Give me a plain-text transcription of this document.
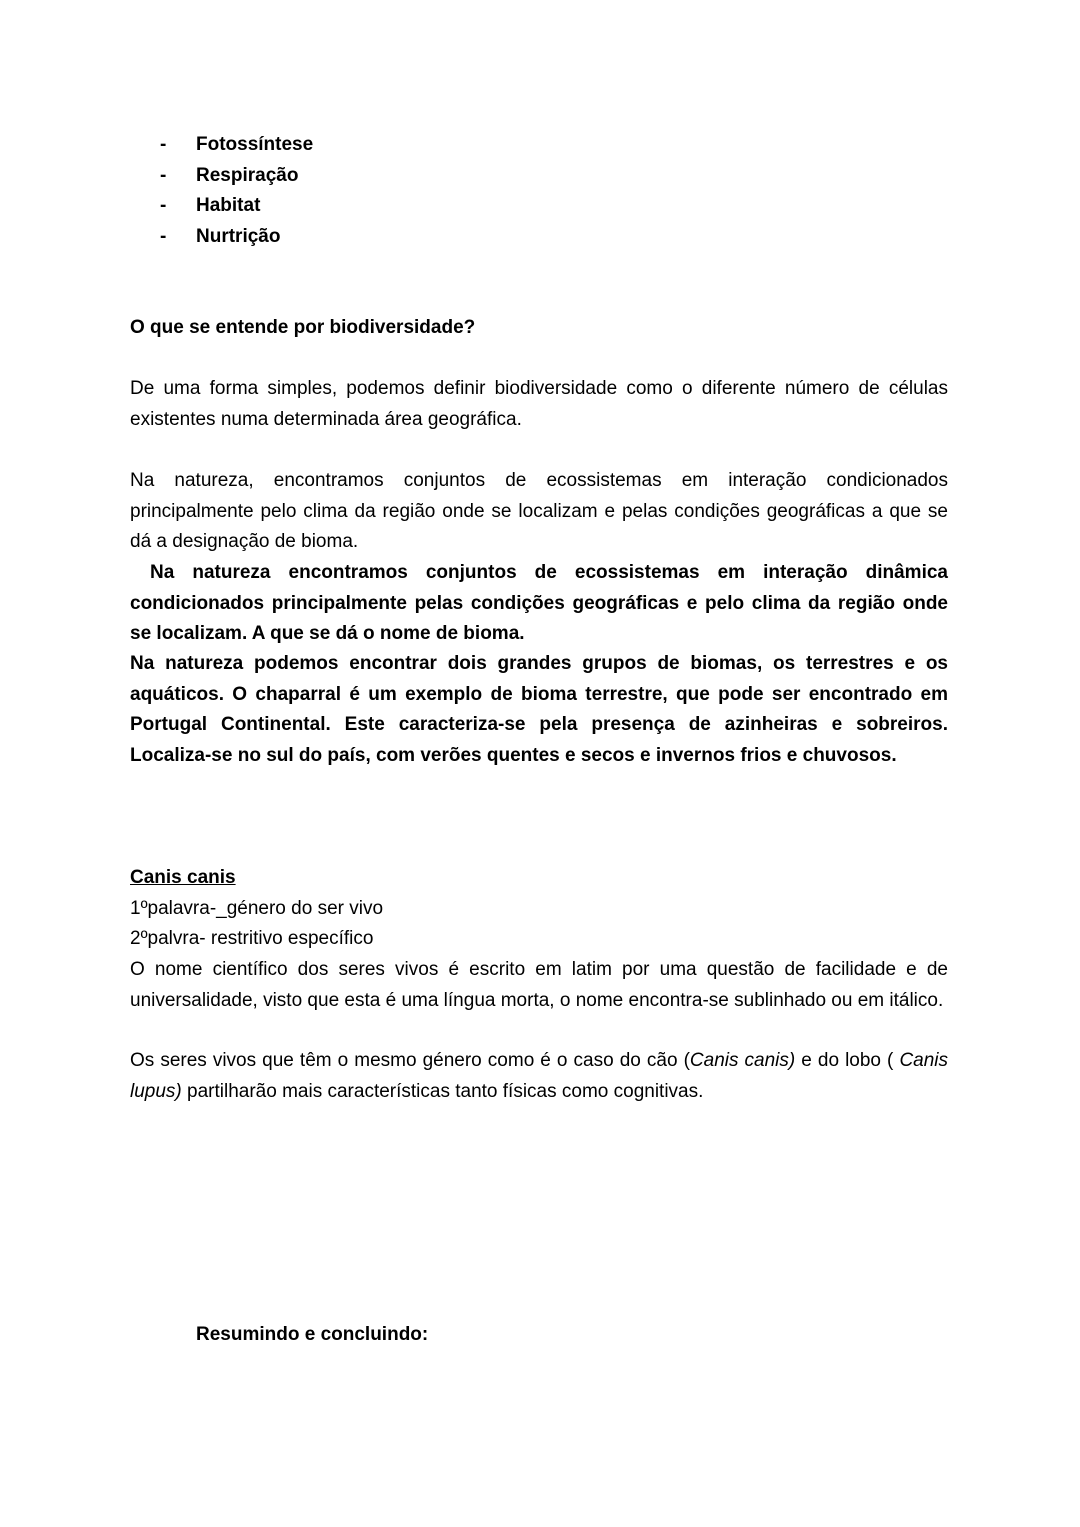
- Fotossíntese
- Respiração
- Habitat
- Nurtrição

O que se entende por biodiversidade?

De uma forma simples, podemos definir biodiversidade como o diferente número de células existentes numa determinada área geográfica.

Na natureza, encontramos conjuntos de ecossistemas em interação condicionados principalmente pelo clima da região onde se localizam e pelas condições geográficas a que se dá a designação de bioma.

Na natureza encontramos conjuntos de ecossistemas em interação dinâmica condicionados principalmente pelas condições geográficas e pelo clima da região onde se localizam. A que se dá o nome de bioma.

Na natureza podemos encontrar dois grandes grupos de biomas, os terrestres e os aquáticos. O chaparral é um exemplo de bioma terrestre, que pode ser encontrado em Portugal Continental. Este caracteriza-se pela presença de azinheiras e sobreiros. Localiza-se no sul do país, com verões quentes e secos e invernos frios e chuvosos.

Canis canis

1ºpalavra-_género do ser vivo

2ºpalvra- restritivo específico

O nome científico dos seres vivos é escrito em latim por uma questão de facilidade e de universalidade, visto que esta é uma língua morta, o nome encontra-se sublinhado ou em itálico.

Os seres vivos que têm o mesmo género como é o caso do cão (Canis canis) e do lobo ( Canis lupus) partilharão mais características tanto físicas como cognitivas.

Resumindo e concluindo:
